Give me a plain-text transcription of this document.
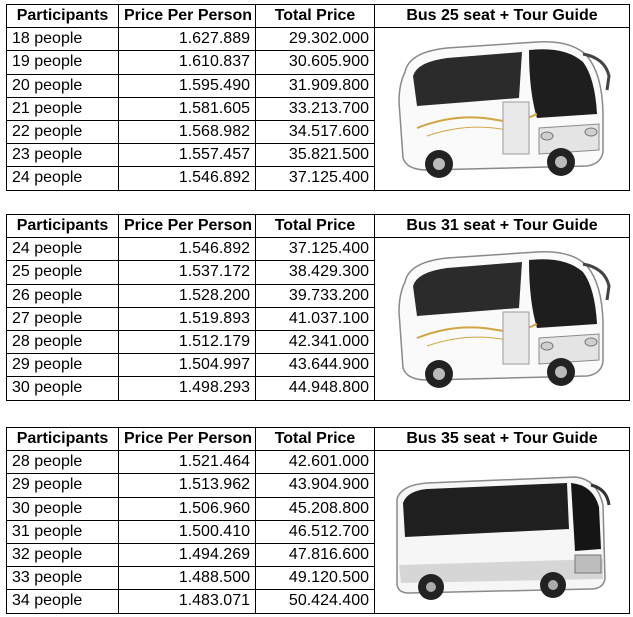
Participants	Price Per Person	Total Price	Bus 25 seat + Tour Guide
18 people	1.627.889	29.302.000	

19 people	1.610.837	30.605.900	
20 people	1.595.490	31.909.800	
21 people	1.581.605	33.213.700	
22 people	1.568.982	34.517.600	
23 people	1.557.457	35.821.500	
24 people	1.546.892	37.125.400	
Participants	Price Per Person	Total Price	Bus 31 seat + Tour Guide
24 people	1.546.892	37.125.400	

25 people	1.537.172	38.429.300	
26 people	1.528.200	39.733.200	
27 people	1.519.893	41.037.100	
28 people	1.512.179	42.341.000	
29 people	1.504.997	43.644.900	
30 people	1.498.293	44.948.800	
Participants	Price Per Person	Total Price	Bus 35 seat + Tour Guide
28 people	1.521.464	42.601.000	

29 people	1.513.962	43.904.900	
30 people	1.506.960	45.208.800	
31 people	1.500.410	46.512.700	
32 people	1.494.269	47.816.600	
33 people	1.488.500	49.120.500	
34 people	1.483.071	50.424.400	
